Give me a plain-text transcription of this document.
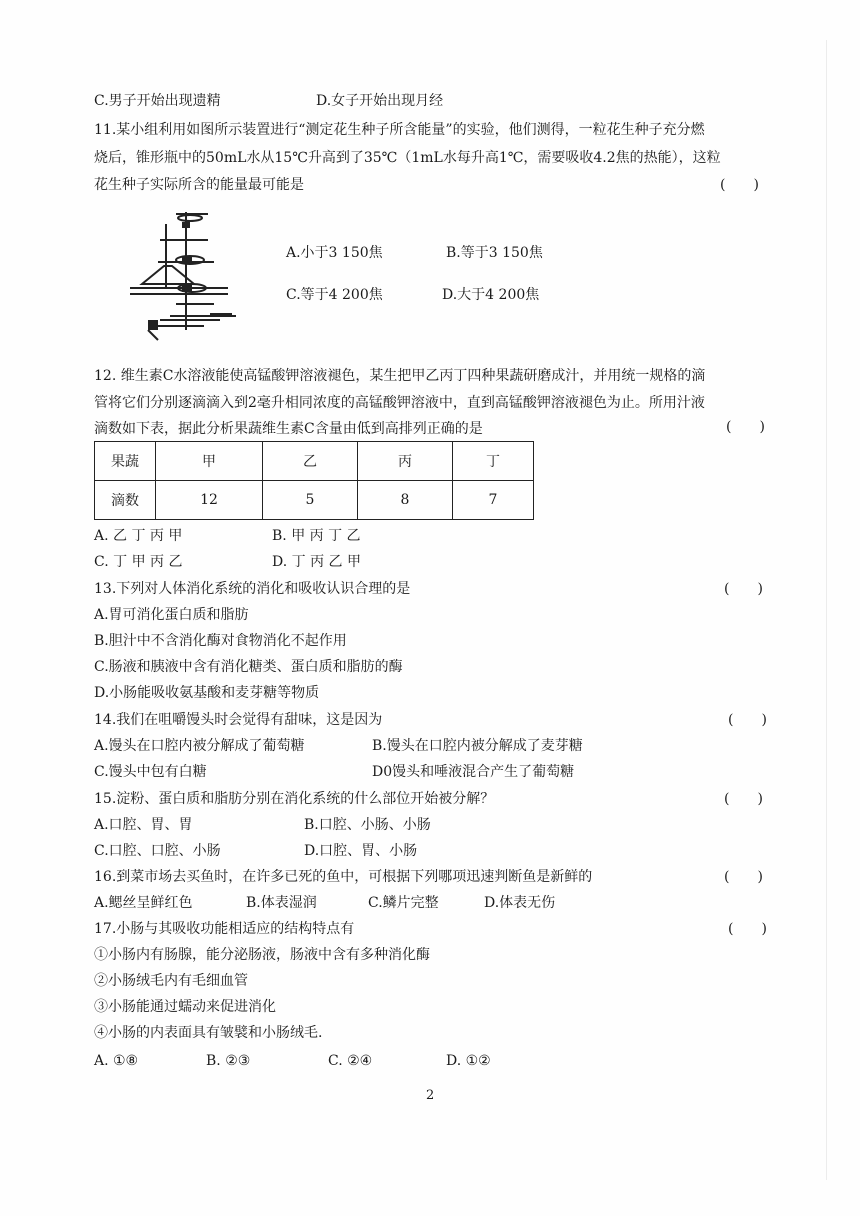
C.男子开始出现遗精	D.女子开始出现月经
11.某小组利用如图所示装置进行“测定花生种子所含能量”的实验，他们测得，一粒花生种子充分燃
烧后，锥形瓶中的50mL水从15℃升高到了35℃（1mL水每升高1℃，需要吸收4.2焦的热能），这粒
花生种子实际所含的能量最可能是	(　　)
A.小于3 150焦	B.等于3 150焦
C.等于4 200焦	D.大于4 200焦
12. 维生素C水溶液能使高锰酸钾溶液褪色，某生把甲乙丙丁四种果蔬研磨成汁，并用统一规格的滴
管将它们分别逐滴滴入到2毫升相同浓度的高锰酸钾溶液中，直到高锰酸钾溶液褪色为止。所用汁液
滴数如下表，据此分析果蔬维生素C含量由低到高排列正确的是	(　　)
果蔬	甲	乙	丙	丁
滴数	12	5	8	7
A. 乙 丁 丙 甲	B. 甲 丙 丁 乙
C. 丁 甲 丙 乙	D. 丁 丙 乙 甲
13.下列对人体消化系统的消化和吸收认识合理的是	(　　)
A.胃可消化蛋白质和脂肪
B.胆汁中不含消化酶对食物消化不起作用
C.肠液和胰液中含有消化糖类、蛋白质和脂肪的酶
D.小肠能吸收氨基酸和麦芽糖等物质
14.我们在咀嚼馒头时会觉得有甜味，这是因为	(　　)
A.馒头在口腔内被分解成了葡萄糖	B.馒头在口腔内被分解成了麦芽糖
C.馒头中包有白糖	D0馒头和唾液混合产生了葡萄糖
15.淀粉、蛋白质和脂肪分别在消化系统的什么部位开始被分解？	(　　)
A.口腔、胃、胃	B.口腔、小肠、小肠
C.口腔、口腔、小肠	D.口腔、胃、小肠
16.到菜市场去买鱼时，在许多已死的鱼中，可根据下列哪项迅速判断鱼是新鲜的	(　　)
A.鳃丝呈鲜红色	B.体表湿润	C.鳞片完整	D.体表无伤
17.小肠与其吸收功能相适应的结构特点有	(　　)
①小肠内有肠腺，能分泌肠液，肠液中含有多种消化酶
②小肠绒毛内有毛细血管
③小肠能通过蠕动来促进消化
④小肠的内表面具有皱襞和小肠绒毛.
A. ①⑧	B. ②③	C. ②④	D. ①②
2
